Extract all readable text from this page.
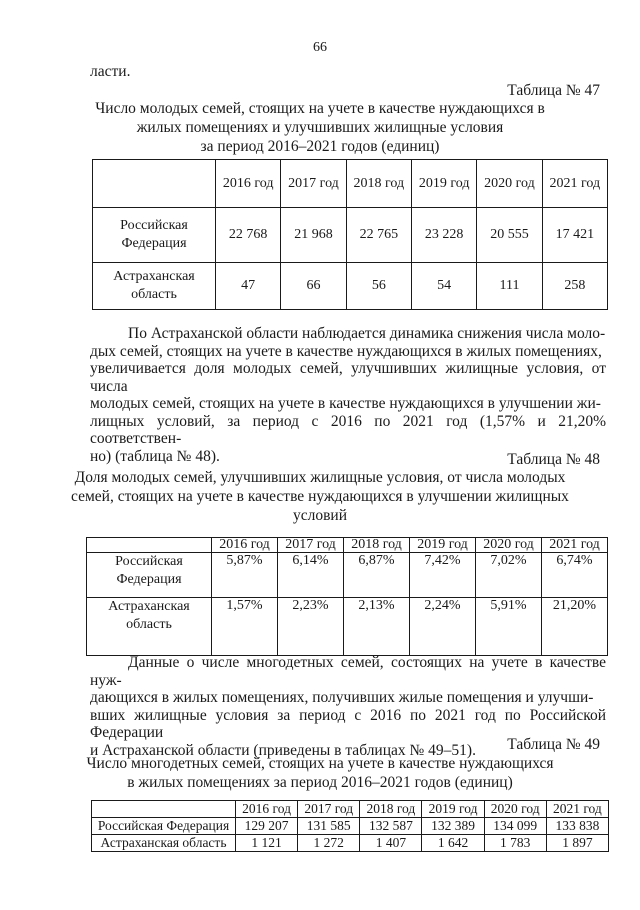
66
ласти.
Таблица № 47
Число молодых семей, стоящих на учете в качестве нуждающихся в
жилых помещениях и улучшивших жилищные условия
за период 2016–2021 годов (единиц)
	2016 год	2017 год	2018 год	2019 год	2020 год	2021 год

Российская
Федерация	22 768	21 968	22 765	23 228	20 555	17 421

Астраханская
область	47	66	56	54	111	258
По Астраханской области наблюдается динамика снижения числа моло-
дых семей, стоящих на учете в качестве нуждающихся в жилых помещениях,
увеличивается доля молодых семей, улучшивших жилищные условия, от числа
молодых семей, стоящих на учете в качестве нуждающихся в улучшении жи-
лищных условий, за период с 2016 по 2021 год (1,57% и 21,20% соответствен-
но) (таблица № 48).	Таблица № 48
Доля молодых семей, улучшивших жилищные условия, от числа молодых
семей, стоящих на учете в качестве нуждающихся в улучшении жилищных
условий
	2016 год	2017 год	2018 год	2019 год	2020 год	2021 год

Российская
Федерация	5,87%	6,14%	6,87%	7,42%	7,02%	6,74%

Астраханская
область	1,57%	2,23%	2,13%	2,24%	5,91%	21,20%
Данные о числе многодетных семей, состоящих на учете в качестве нуж-
дающихся в жилых помещениях, получивших жилые помещения и улучши-
вших жилищные условия за период с 2016 по 2021 год по Российской Федерации
и Астраханской области (приведены в таблицах № 49–51).	Таблица № 49
Число многодетных семей, стоящих на учете в качестве нуждающихся
в жилых помещениях за период 2016–2021 годов (единиц)
	2016 год	2017 год	2018 год	2019 год	2020 год	2021 год
Российская Федерация	129 207	131 585	132 587	132 389	134 099	133 838
Астраханская область	1 121	1 272	1 407	1 642	1 783	1 897
